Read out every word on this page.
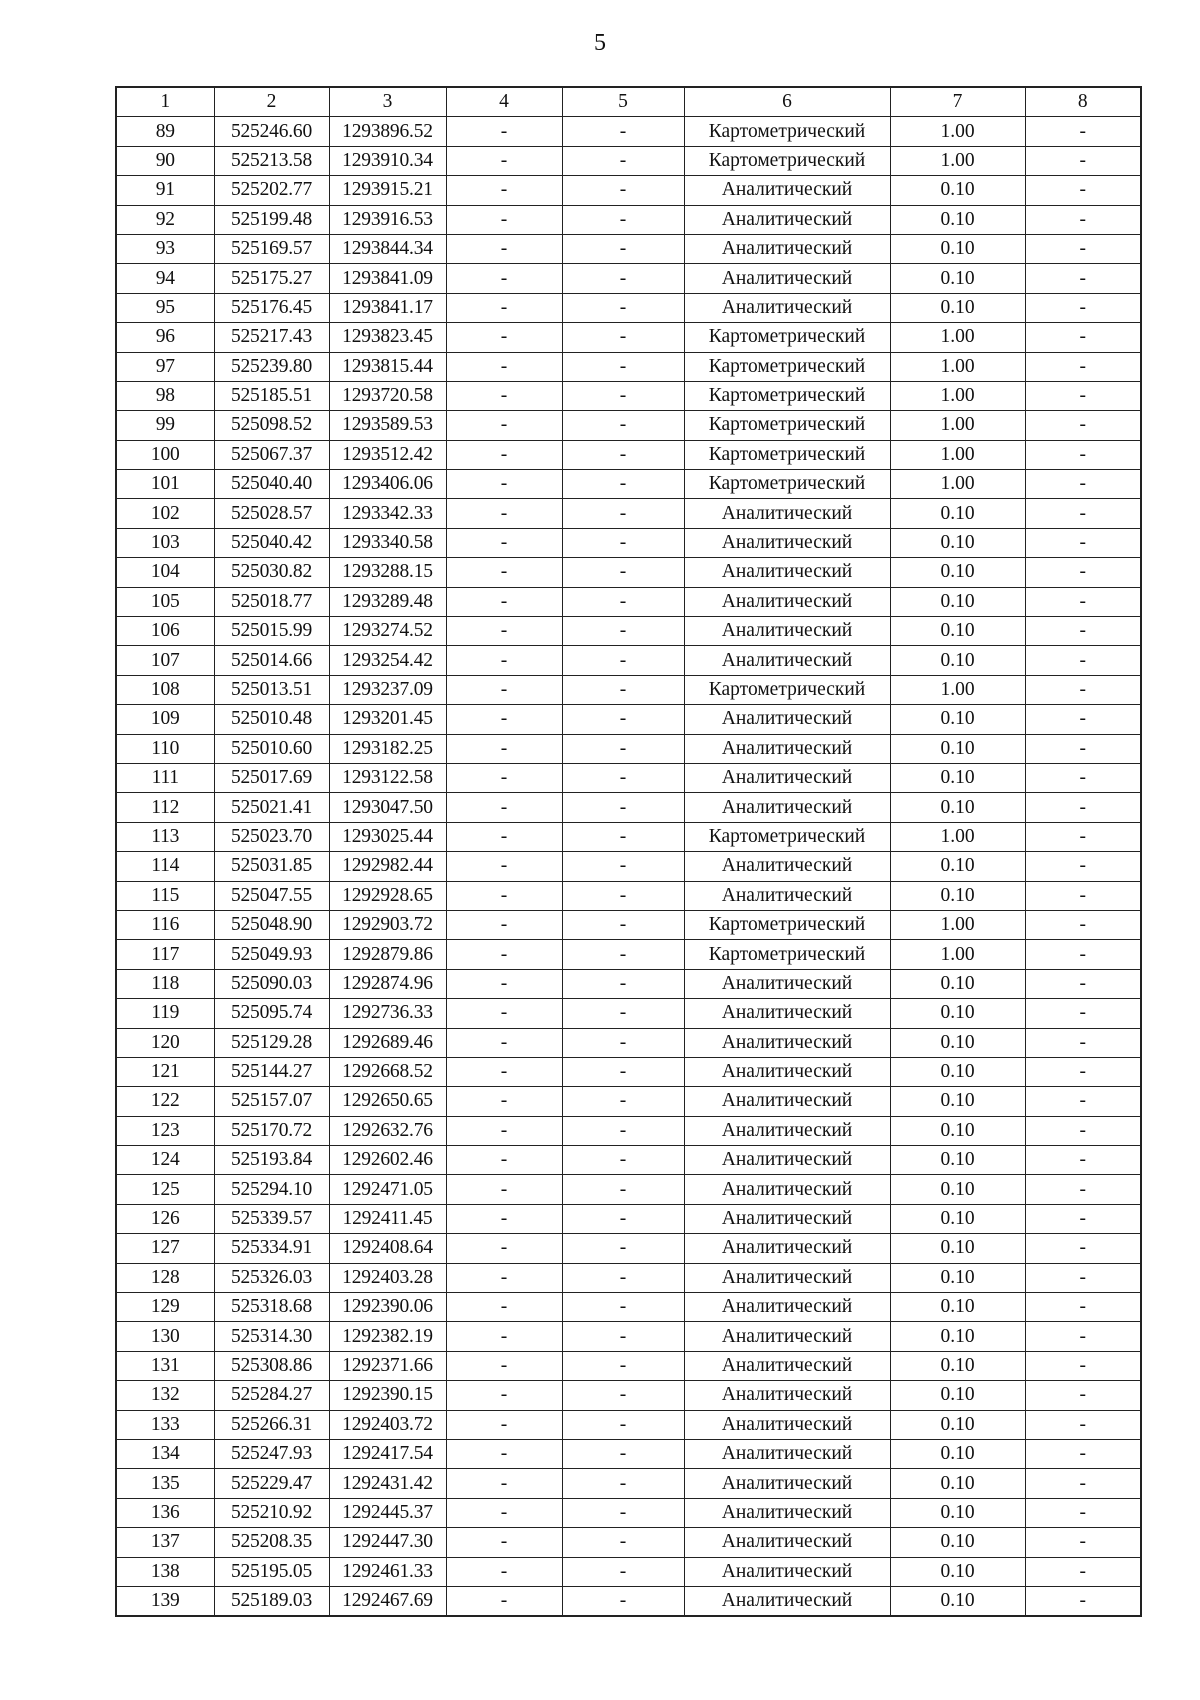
5
1	2	3	4	5	6	7	8
89	525246.60	1293896.52	-	-	Картометрический	1.00	-
90	525213.58	1293910.34	-	-	Картометрический	1.00	-
91	525202.77	1293915.21	-	-	Аналитический	0.10	-
92	525199.48	1293916.53	-	-	Аналитический	0.10	-
93	525169.57	1293844.34	-	-	Аналитический	0.10	-
94	525175.27	1293841.09	-	-	Аналитический	0.10	-
95	525176.45	1293841.17	-	-	Аналитический	0.10	-
96	525217.43	1293823.45	-	-	Картометрический	1.00	-
97	525239.80	1293815.44	-	-	Картометрический	1.00	-
98	525185.51	1293720.58	-	-	Картометрический	1.00	-
99	525098.52	1293589.53	-	-	Картометрический	1.00	-
100	525067.37	1293512.42	-	-	Картометрический	1.00	-
101	525040.40	1293406.06	-	-	Картометрический	1.00	-
102	525028.57	1293342.33	-	-	Аналитический	0.10	-
103	525040.42	1293340.58	-	-	Аналитический	0.10	-
104	525030.82	1293288.15	-	-	Аналитический	0.10	-
105	525018.77	1293289.48	-	-	Аналитический	0.10	-
106	525015.99	1293274.52	-	-	Аналитический	0.10	-
107	525014.66	1293254.42	-	-	Аналитический	0.10	-
108	525013.51	1293237.09	-	-	Картометрический	1.00	-
109	525010.48	1293201.45	-	-	Аналитический	0.10	-
110	525010.60	1293182.25	-	-	Аналитический	0.10	-
111	525017.69	1293122.58	-	-	Аналитический	0.10	-
112	525021.41	1293047.50	-	-	Аналитический	0.10	-
113	525023.70	1293025.44	-	-	Картометрический	1.00	-
114	525031.85	1292982.44	-	-	Аналитический	0.10	-
115	525047.55	1292928.65	-	-	Аналитический	0.10	-
116	525048.90	1292903.72	-	-	Картометрический	1.00	-
117	525049.93	1292879.86	-	-	Картометрический	1.00	-
118	525090.03	1292874.96	-	-	Аналитический	0.10	-
119	525095.74	1292736.33	-	-	Аналитический	0.10	-
120	525129.28	1292689.46	-	-	Аналитический	0.10	-
121	525144.27	1292668.52	-	-	Аналитический	0.10	-
122	525157.07	1292650.65	-	-	Аналитический	0.10	-
123	525170.72	1292632.76	-	-	Аналитический	0.10	-
124	525193.84	1292602.46	-	-	Аналитический	0.10	-
125	525294.10	1292471.05	-	-	Аналитический	0.10	-
126	525339.57	1292411.45	-	-	Аналитический	0.10	-
127	525334.91	1292408.64	-	-	Аналитический	0.10	-
128	525326.03	1292403.28	-	-	Аналитический	0.10	-
129	525318.68	1292390.06	-	-	Аналитический	0.10	-
130	525314.30	1292382.19	-	-	Аналитический	0.10	-
131	525308.86	1292371.66	-	-	Аналитический	0.10	-
132	525284.27	1292390.15	-	-	Аналитический	0.10	-
133	525266.31	1292403.72	-	-	Аналитический	0.10	-
134	525247.93	1292417.54	-	-	Аналитический	0.10	-
135	525229.47	1292431.42	-	-	Аналитический	0.10	-
136	525210.92	1292445.37	-	-	Аналитический	0.10	-
137	525208.35	1292447.30	-	-	Аналитический	0.10	-
138	525195.05	1292461.33	-	-	Аналитический	0.10	-
139	525189.03	1292467.69	-	-	Аналитический	0.10	-
